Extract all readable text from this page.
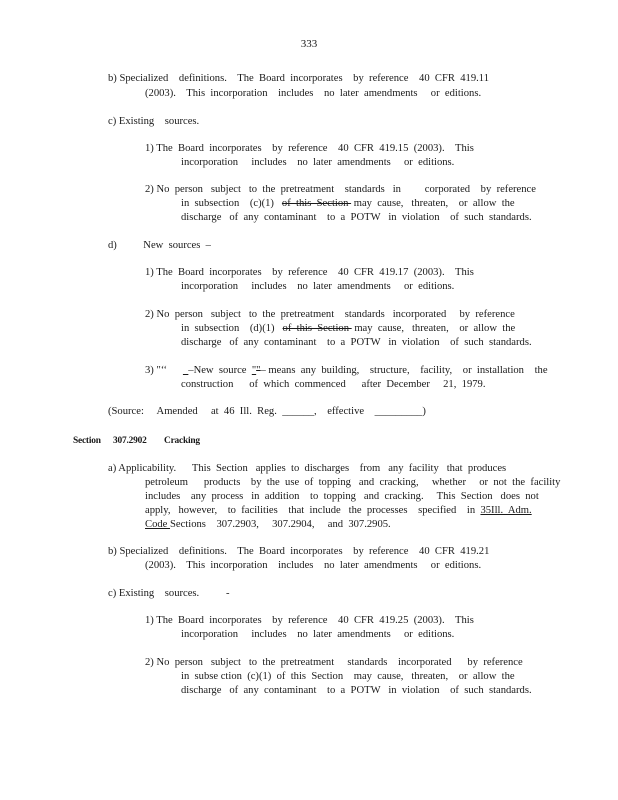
333
b) Specialized    definitions.    The  Board  incorporates    by  reference    40  CFR  419.11
(2003).    This  incorporation    includes    no  later  amendments     or  editions.
c) Existing    sources.
1) The  Board  incorporates    by  reference    40  CFR  419.15  (2003).    This
incorporation     includes    no  later  amendments     or  editions.
2) No  person   subject   to  the  pretreatment    standards   in         corporated    by  reference
in  subsection    (c)(1)   of  this  Section  may  cause,   threaten,    or  allow  the
discharge   of  any  contaminant    to  a  POTW   in  violation    of  such  standards.
d)          New  sources  –
1) The  Board  incorporates    by  reference    40  CFR  419.17  (2003).    This
incorporation     includes    no  later  amendments     or  editions.
2) No  person   subject   to  the  pretreatment    standards   incorporated     by  reference
in  subsection    (d)(1)   of  this  Section  may  cause,   threaten,    or  allow  the
discharge   of  any  contaminant    to  a  POTW   in  violation    of  such  standards.
3) "‘‘      _–New  source  ""– means  any  building,    structure,    facility,    or  installation    the
construction      of  which  commenced      after  December     21,  1979.
(Source:     Amended     at  46  Ill.  Reg.  ______,    effective    _________)
Section 307.2902 Cracking
a) Applicability.      This  Section   applies  to  discharges    from   any  facility   that  produces
petroleum      products    by  the  use  of  topping   and  cracking,     whether     or  not  the  facility
includes    any  process   in  addition    to  topping   and  cracking.     This  Section   does  not
apply,   however,    to  facilities    that  include   the  processes    specified    in  35Ill.  Adm.
Code Sections    307.2903,     307.2904,     and  307.2905.
b) Specialized    definitions.    The  Board  incorporates    by  reference    40  CFR  419.21
(2003).    This  incorporation    includes    no  later  amendments     or  editions.
c) Existing    sources.	-
1) The  Board  incorporates    by  reference    40  CFR  419.25  (2003).    This
incorporation     includes    no  later  amendments     or  editions.
2) No  person   subject   to  the  pretreatment     standards    incorporated      by  reference
in  subse ction  (c)(1)  of  this  Section    may  cause,   threaten,    or  allow  the
discharge   of  any  contaminant    to  a  POTW   in  violation    of  such  standards.
